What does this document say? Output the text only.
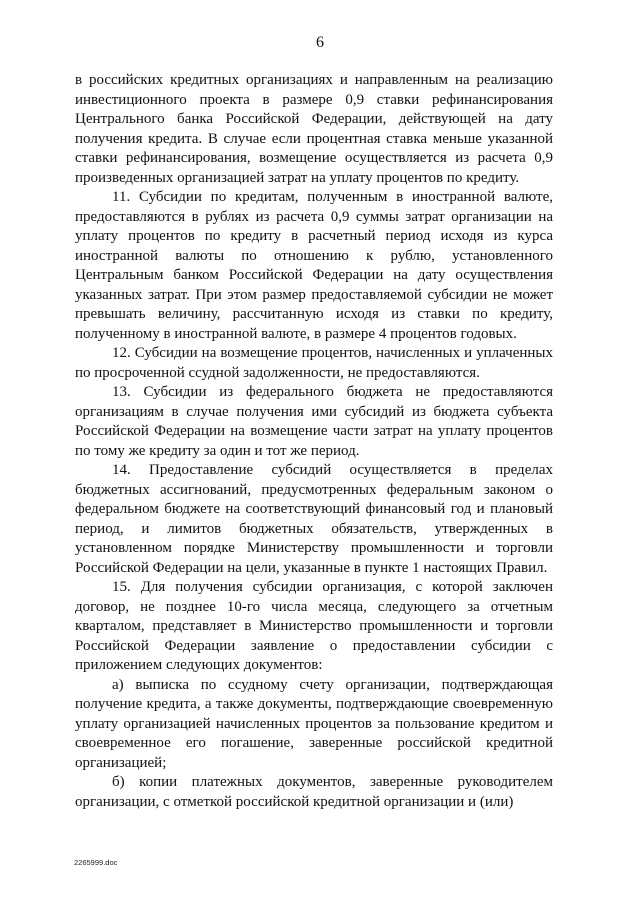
6

в российских кредитных организациях и направленным на реализацию инвестиционного проекта в размере 0,9 ставки рефинансирования Центрального банка Российской Федерации, действующей на дату получения кредита. В случае если процентная ставка меньше указанной ставки рефинансирования, возмещение осуществляется из расчета 0,9 произведенных организацией затрат на уплату процентов по кредиту.

11. Субсидии по кредитам, полученным в иностранной валюте, предоставляются в рублях из расчета 0,9 суммы затрат организации на уплату процентов по кредиту в расчетный период исходя из курса иностранной валюты по отношению к рублю, установленного Центральным банком Российской Федерации на дату осуществления указанных затрат. При этом размер предоставляемой субсидии не может превышать величину, рассчитанную исходя из ставки по кредиту, полученному в иностранной валюте, в размере 4 процентов годовых.

12. Субсидии на возмещение процентов, начисленных и уплаченных по просроченной ссудной задолженности, не предоставляются.

13. Субсидии из федерального бюджета не предоставляются организациям в случае получения ими субсидий из бюджета субъекта Российской Федерации на возмещение части затрат на уплату процентов по тому же кредиту за один и тот же период.

14. Предоставление субсидий осуществляется в пределах бюджетных ассигнований, предусмотренных федеральным законом о федеральном бюджете на соответствующий финансовый год и плановый период, и лимитов бюджетных обязательств, утвержденных в установленном порядке Министерству промышленности и торговли Российской Федерации на цели, указанные в пункте 1 настоящих Правил.

15. Для получения субсидии организация, с которой заключен договор, не позднее 10-го числа месяца, следующего за отчетным кварталом, представляет в Министерство промышленности и торговли Российской Федерации заявление о предоставлении субсидии с приложением следующих документов:

а) выписка по ссудному счету организации, подтверждающая получение кредита, а также документы, подтверждающие своевременную уплату организацией начисленных процентов за пользование кредитом и своевременное его погашение, заверенные российской кредитной организацией;

б) копии платежных документов, заверенные руководителем организации, с отметкой российской кредитной организации и (или)

2265999.doc
